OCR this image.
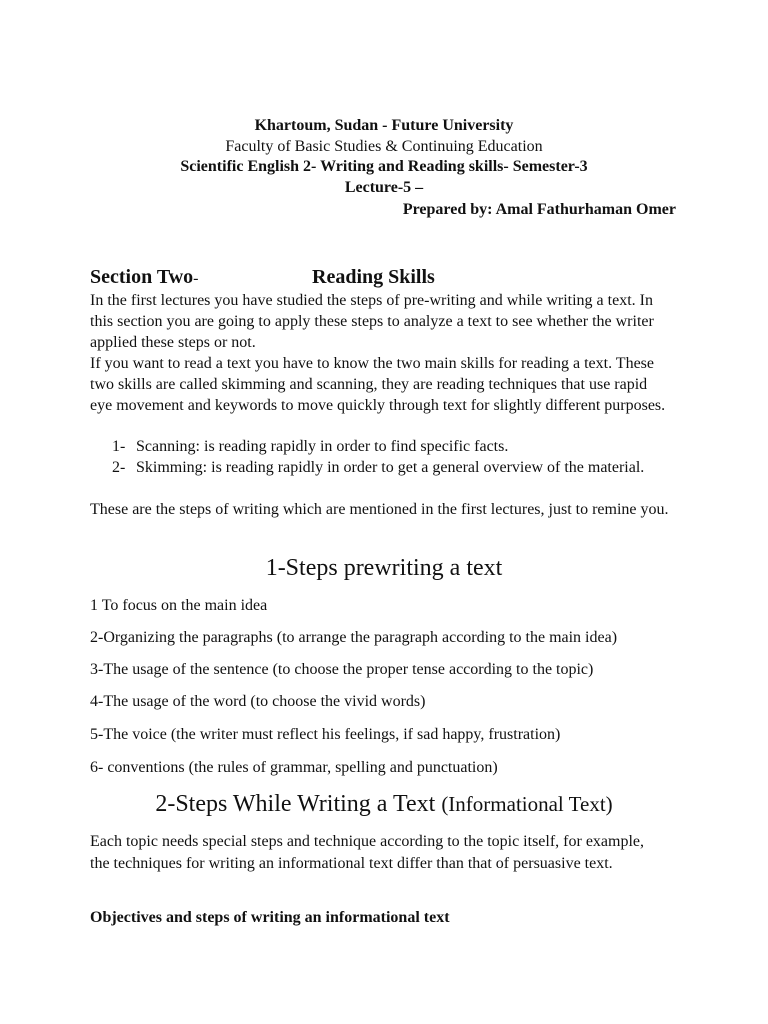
Khartoum, Sudan - Future University
Faculty of Basic Studies & Continuing Education
Scientific English 2- Writing and Reading skills- Semester-3
Lecture-5 –
Prepared by: Amal Fathurhaman Omer
Section Two-	Reading Skills
In the first lectures you have studied the steps of pre-writing and while writing a text. In this section you are going to apply these steps to analyze a text to see whether the writer applied these steps or not.
If you want to read a text you have to know the two main skills for reading a text. These two skills are called skimming and scanning, they are reading techniques that use rapid eye movement and keywords to move quickly through text for slightly different purposes.
1- Scanning: is reading rapidly in order to find specific facts.
2- Skimming: is reading rapidly in order to get a general overview of the material.
These are the steps of writing which are mentioned in the first lectures, just to remine you.
1-Steps prewriting a text
1 To focus on the main idea
2-Organizing the paragraphs (to arrange the paragraph according to the main idea)
3-The usage of the sentence (to choose the proper tense according to the topic)
4-The usage of the word (to choose the vivid words)
5-The voice (the writer must reflect his feelings, if sad happy, frustration)
6- conventions (the rules of grammar, spelling and punctuation)
2-Steps While Writing a Text (Informational Text)
Each topic needs special steps and technique according to the topic itself, for example, the techniques for writing an informational text differ than that of persuasive text.
Objectives and steps of writing an informational text
